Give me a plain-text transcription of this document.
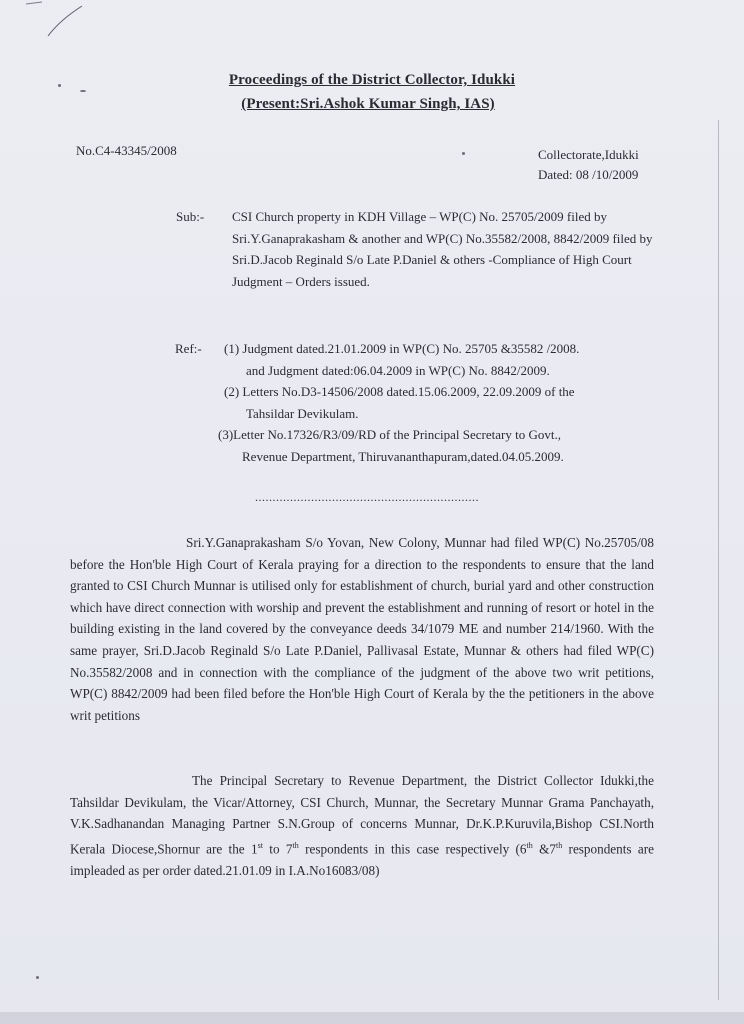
Proceedings of the District Collector, Idukki
(Present:Sri.Ashok Kumar Singh, IAS)
No.C4-43345/2008	Collectorate,Idukki
Dated: 08 /10/2009
Sub:- CSI Church property in KDH Village – WP(C) No. 25705/2009 filed by Sri.Y.Ganaprakasham & another and WP(C) No.35582/2008, 8842/2009 filed by Sri.D.Jacob Reginald S/o Late P.Daniel & others -Compliance of High Court Judgment – Orders issued.
Ref:- (1) Judgment dated.21.01.2009 in WP(C) No. 25705 &35582 /2008.
and Judgment dated:06.04.2009 in WP(C) No. 8842/2009.
(2) Letters No.D3-14506/2008 dated.15.06.2009, 22.09.2009 of the
Tahsildar Devikulam.
(3)Letter No.17326/R3/09/RD of the Principal Secretary to Govt.,
Revenue Department, Thiruvananthapuram,dated.04.05.2009.
................................................................
Sri.Y.Ganaprakasham S/o Yovan, New Colony, Munnar had filed WP(C) No.25705/08 before the Hon'ble High Court of Kerala praying for a direction to the respondents to ensure that the land granted to CSI Church Munnar is utilised only for establishment of church, burial yard and other construction which have direct connection with worship and prevent the establishment and running of resort or hotel in the building existing in the land covered by the conveyance deeds 34/1079 ME and number 214/1960. With the same prayer, Sri.D.Jacob Reginald S/o Late P.Daniel, Pallivasal Estate, Munnar & others had filed WP(C) No.35582/2008 and in connection with the compliance of the judgment of the above two writ petitions, WP(C) 8842/2009 had been filed before the Hon'ble High Court of Kerala by the the petitioners in the above writ petitions
The Principal Secretary to Revenue Department, the District Collector Idukki,the Tahsildar Devikulam, the Vicar/Attorney, CSI Church, Munnar, the Secretary Munnar Grama Panchayath, V.K.Sadhanandan Managing Partner S.N.Group of concerns Munnar, Dr.K.P.Kuruvila,Bishop CSI.North Kerala Diocese,Shornur are the 1st to 7th respondents in this case respectively (6th &7th respondents are impleaded as per order dated.21.01.09 in I.A.No16083/08)
